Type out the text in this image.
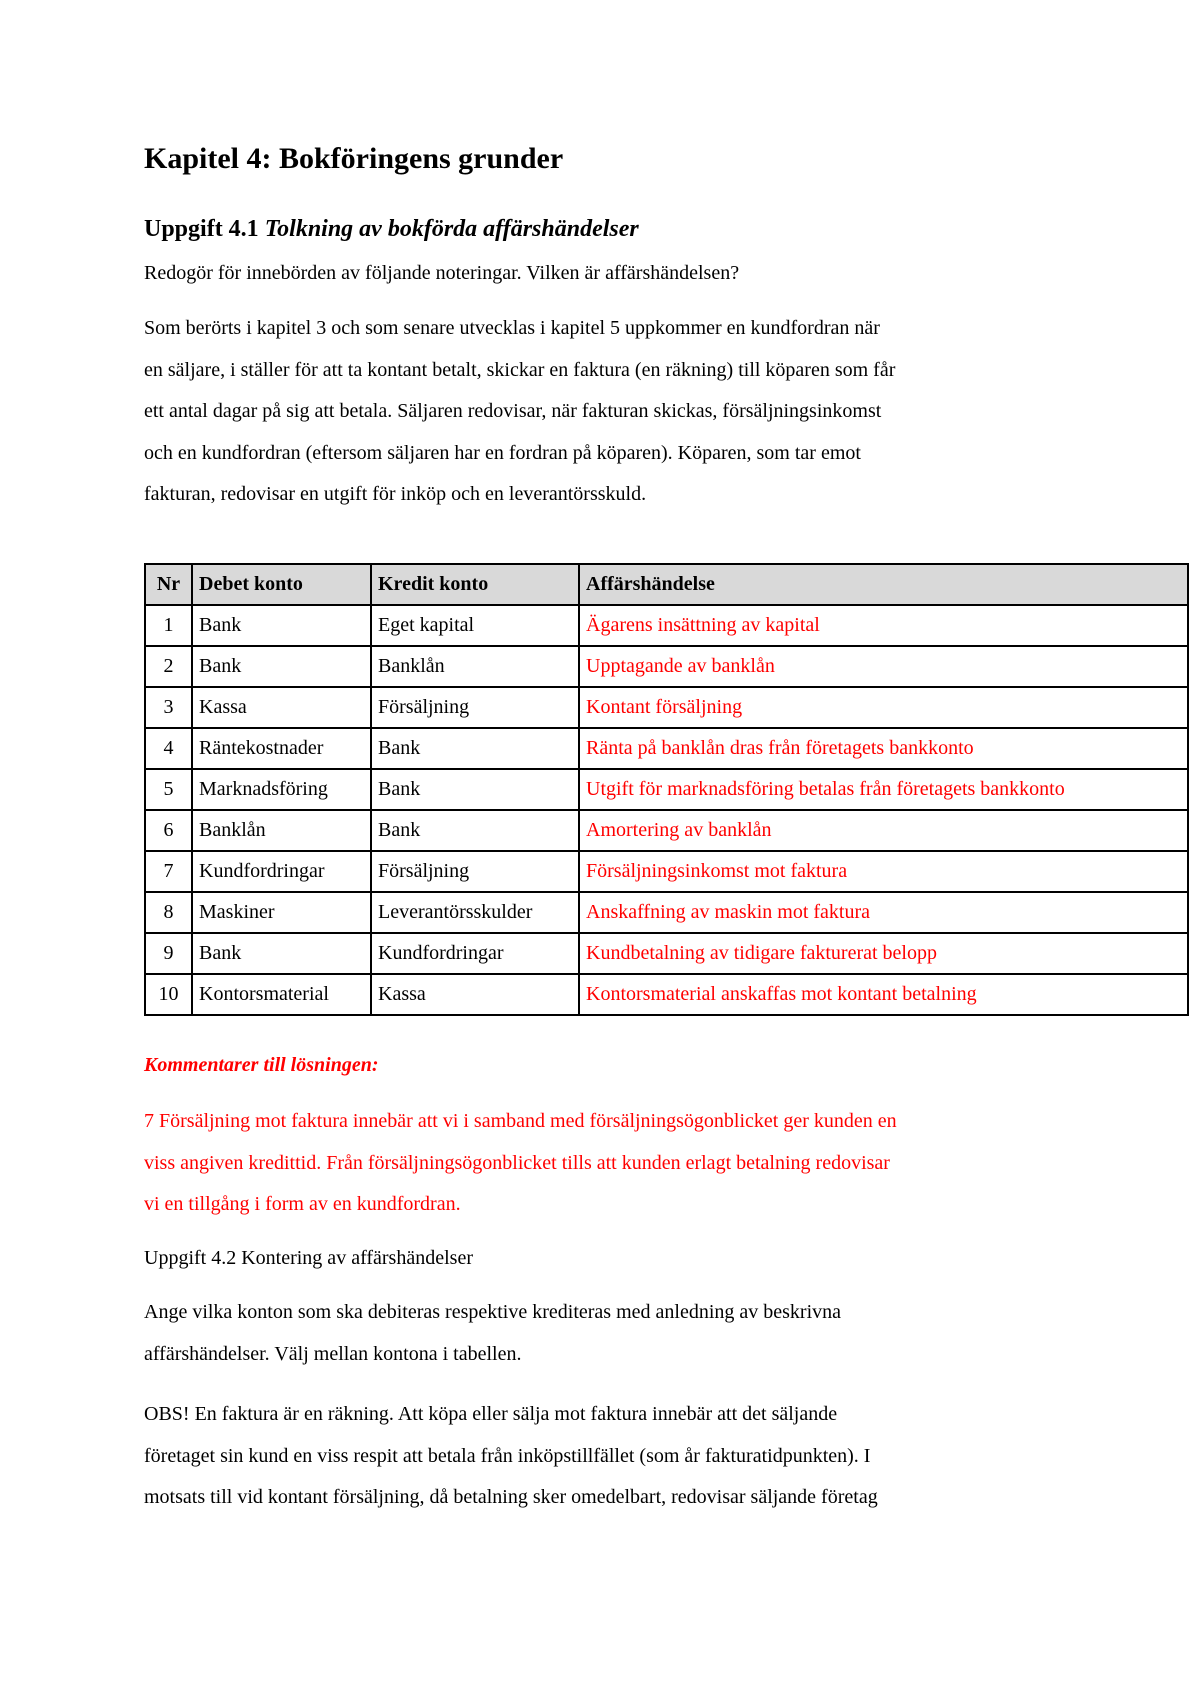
Kapitel 4: Bokföringens grunder
Uppgift 4.1 Tolkning av bokförda affärshändelser

Redogör för innebörden av följande noteringar. Vilken är affärshändelsen?

Som berörts i kapitel 3 och som senare utvecklas i kapitel 5 uppkommer en kundfordran när
en säljare, i ställer för att ta kontant betalt, skickar en faktura (en räkning) till köparen som får
ett antal dagar på sig att betala. Säljaren redovisar, när fakturan skickas, försäljningsinkomst
och en kundfordran (eftersom säljaren har en fordran på köparen). Köparen, som tar emot
fakturan, redovisar en utgift för inköp och en leverantörsskuld.
Nr	Debet konto	Kredit konto	Affärshändelse
1	Bank	Eget kapital	Ägarens insättning av kapital
2	Bank	Banklån	Upptagande av banklån
3	Kassa	Försäljning	Kontant försäljning
4	Räntekostnader	Bank	Ränta på banklån dras från företagets bankkonto
5	Marknadsföring	Bank	Utgift för marknadsföring betalas från företagets bankkonto
6	Banklån	Bank	Amortering av banklån
7	Kundfordringar	Försäljning	Försäljningsinkomst mot faktura
8	Maskiner	Leverantörsskulder	Anskaffning av maskin mot faktura
9	Bank	Kundfordringar	Kundbetalning av tidigare fakturerat belopp
10	Kontorsmaterial	Kassa	Kontorsmaterial anskaffas mot kontant betalning

Kommentarer till lösningen:

7 Försäljning mot faktura innebär att vi i samband med försäljningsögonblicket ger kunden en
viss angiven kredittid. Från försäljningsögonblicket tills att kunden erlagt betalning redovisar
vi en tillgång i form av en kundfordran.

Uppgift 4.2 Kontering av affärshändelser

Ange vilka konton som ska debiteras respektive krediteras med anledning av beskrivna
affärshändelser. Välj mellan kontona i tabellen.
OBS! En faktura är en räkning. Att köpa eller sälja mot faktura innebär att det säljande
företaget sin kund en viss respit att betala från inköpstillfället (som år fakturatidpunkten). I
motsats till vid kontant försäljning, då betalning sker omedelbart, redovisar säljande företag
